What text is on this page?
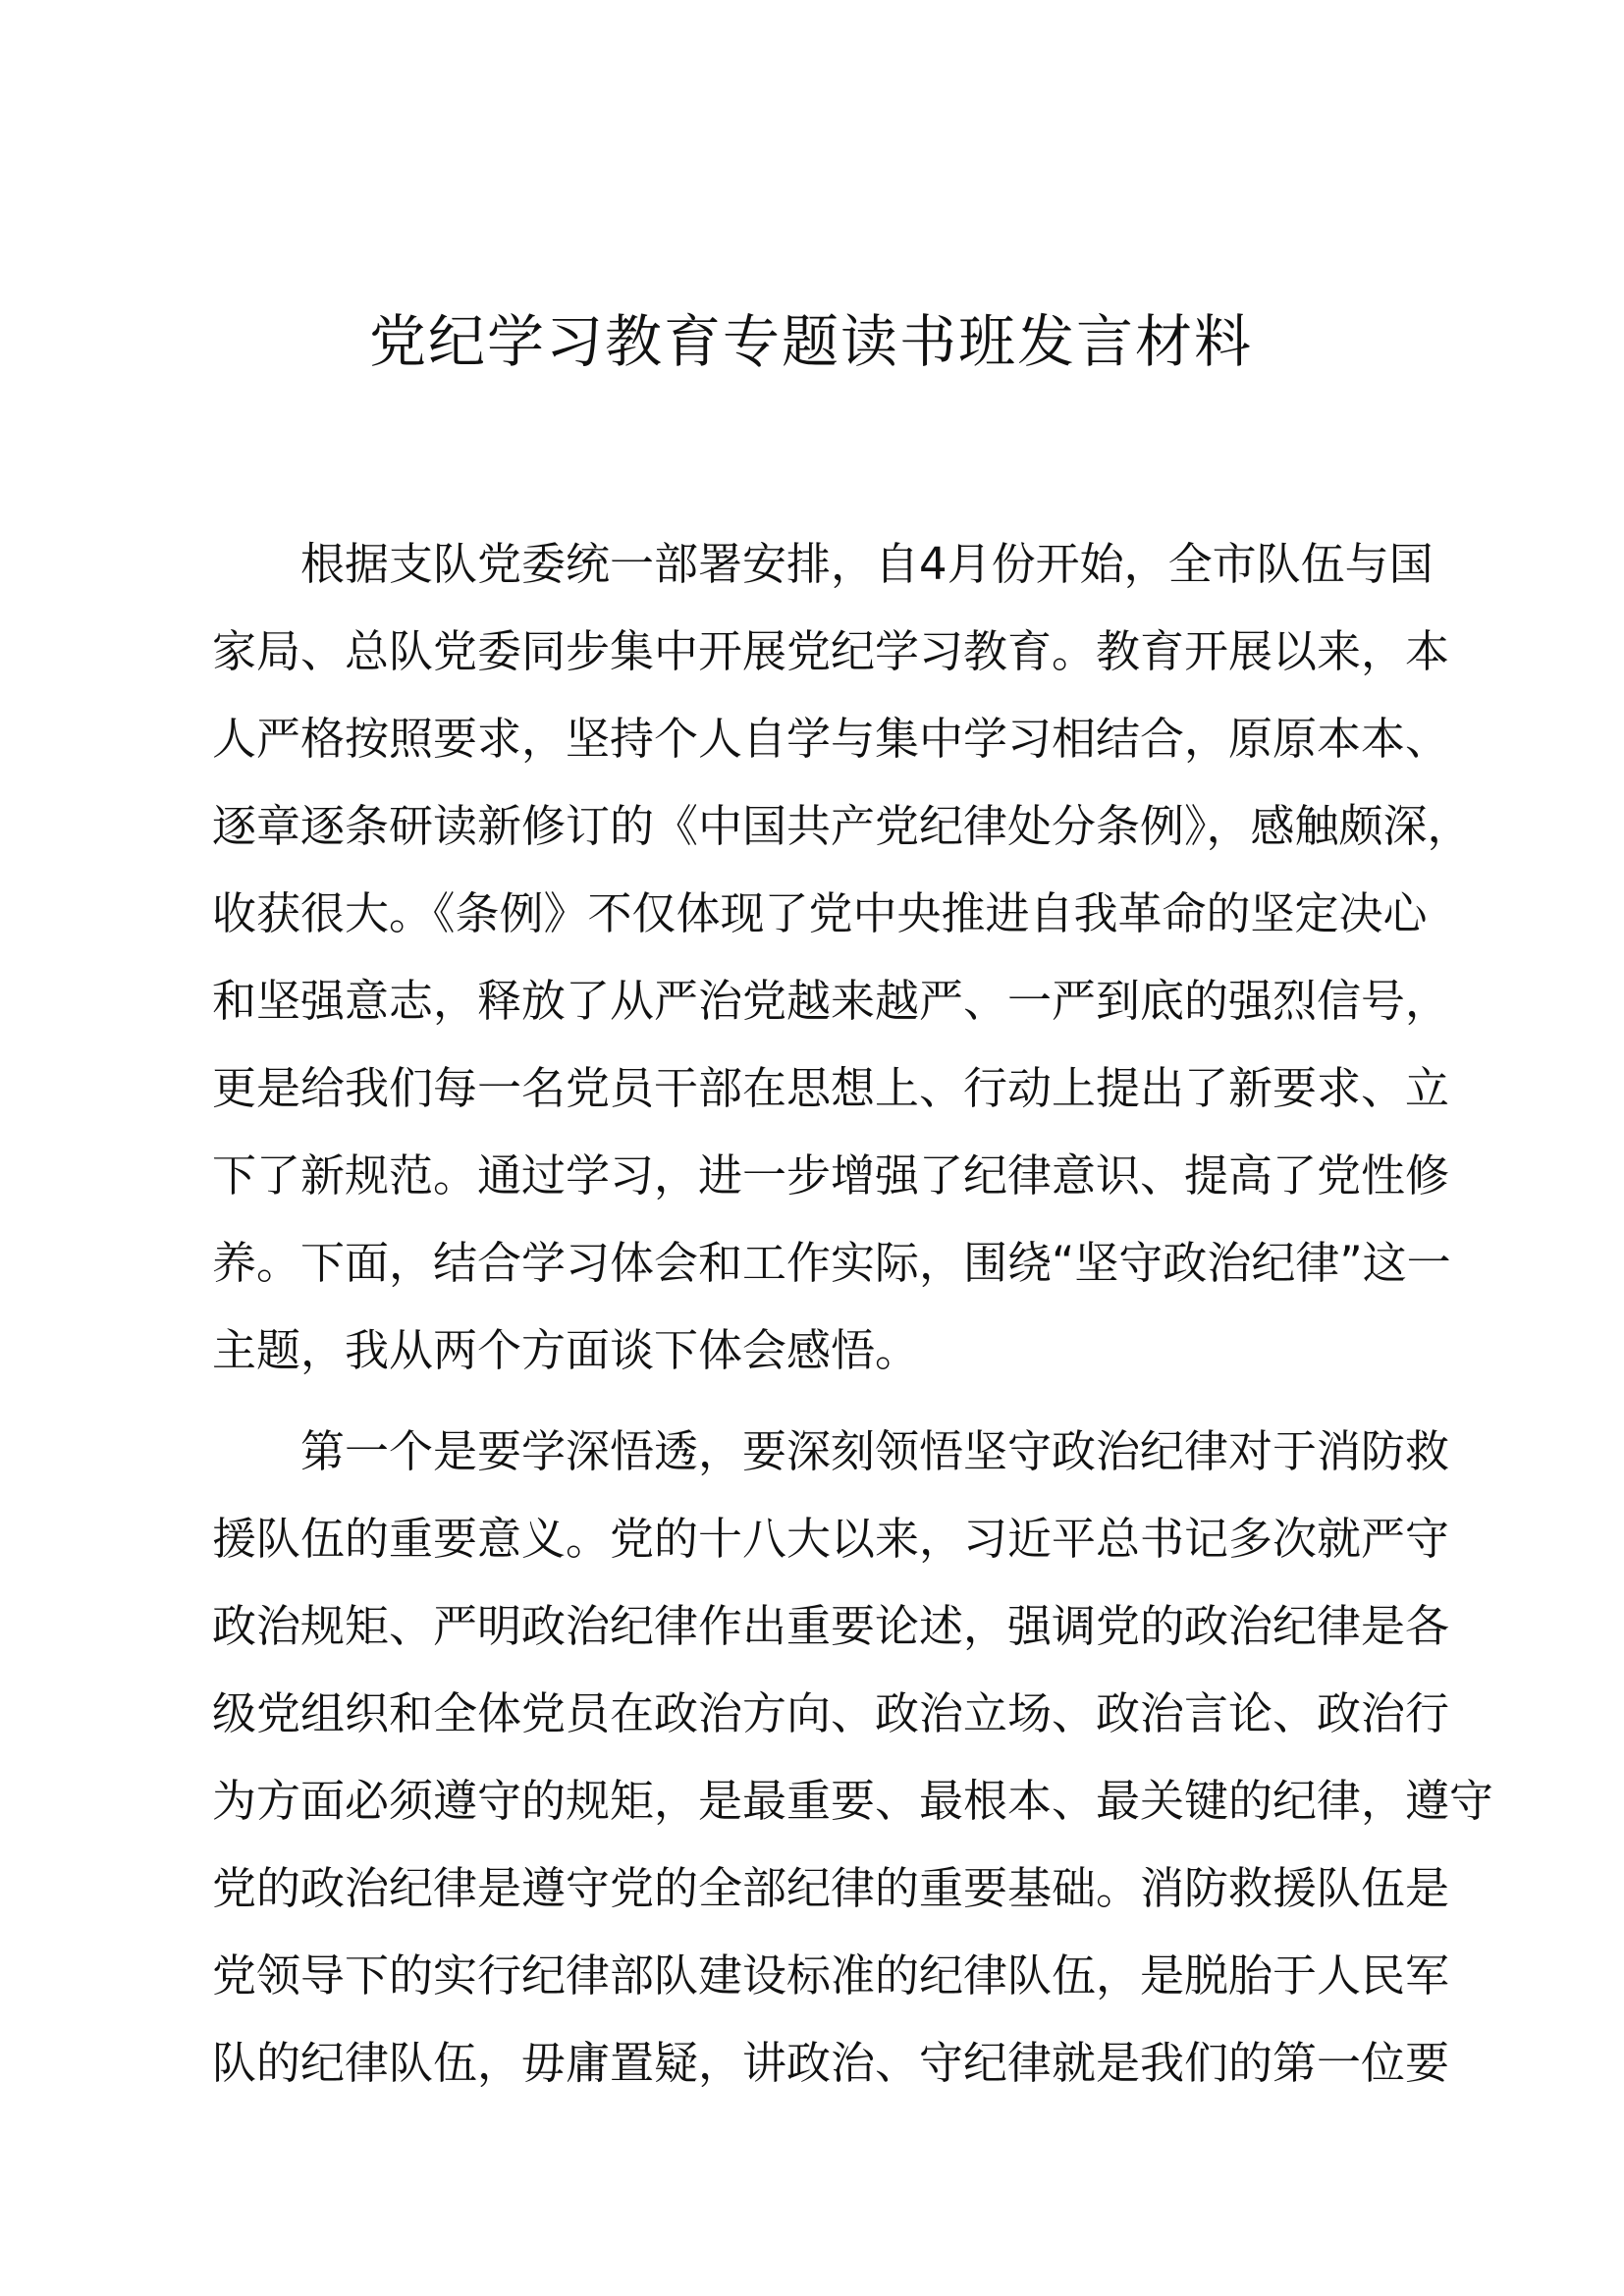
党纪学习教育专题读书班发言材料
根据支队党委统一部署安排，自4月份开始，全市队伍与国
家局、总队党委同步集中开展党纪学习教育。教育开展以来，本
人严格按照要求，坚持个人自学与集中学习相结合，原原本本、
逐章逐条研读新修订的《中国共产党纪律处分条例》，感触颇深，
收获很大。《条例》不仅体现了党中央推进自我革命的坚定决心
和坚强意志，释放了从严治党越来越严、一严到底的强烈信号，
更是给我们每一名党员干部在思想上、行动上提出了新要求、立
下了新规范。通过学习，进一步增强了纪律意识、提高了党性修
养。下面，结合学习体会和工作实际，围绕“坚守政治纪律”这一
主题，我从两个方面谈下体会感悟。
第一个是要学深悟透，要深刻领悟坚守政治纪律对于消防救
援队伍的重要意义。党的十八大以来，习近平总书记多次就严守
政治规矩、严明政治纪律作出重要论述，强调党的政治纪律是各
级党组织和全体党员在政治方向、政治立场、政治言论、政治行
为方面必须遵守的规矩，是最重要、最根本、最关键的纪律，遵守
党的政治纪律是遵守党的全部纪律的重要基础。消防救援队伍是
党领导下的实行纪律部队建设标准的纪律队伍，是脱胎于人民军
队的纪律队伍，毋庸置疑，讲政治、守纪律就是我们的第一位要
